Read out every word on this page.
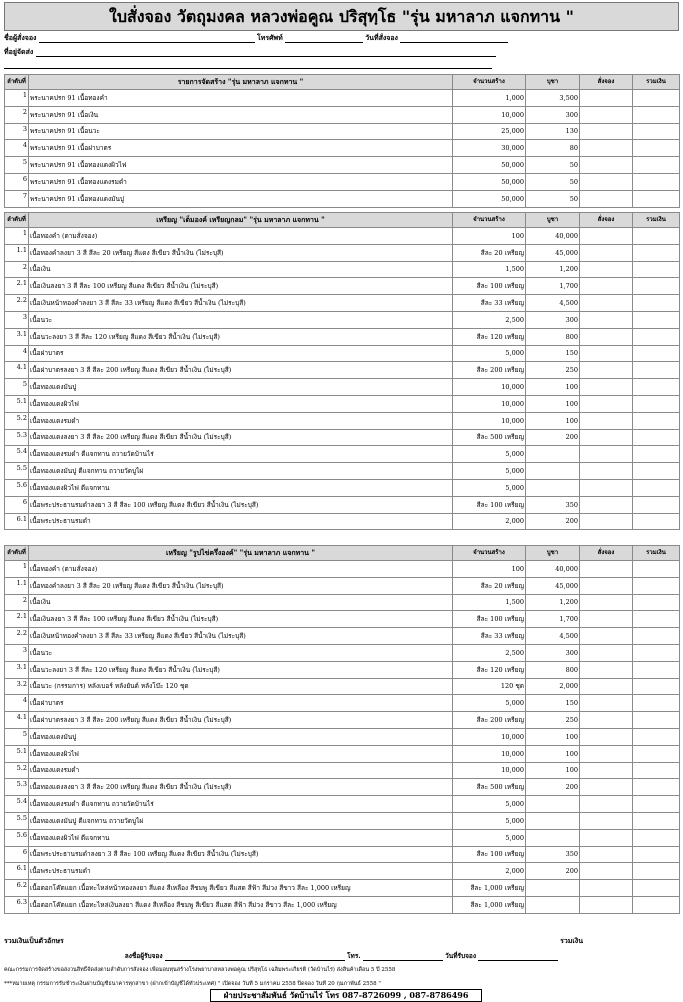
ใบสั่งจอง วัตถุมงคล หลวงพ่อคูณ ปริสุทฺโธ "รุ่น มหาลาภ แจกทาน "
ชื่อผู้สั่งจอง	โทรศัพท์	วันที่สั่งจอง
ที่อยู่จัดส่ง
ลำดับที่	รายการจัดสร้าง "รุ่น มหาลาภ แจกทาน "	จำนวนสร้าง	บุชา	สั่งจอง	รวมเงิน
1	พระนาคปรก 91 เนื้อทองคำ	1,000	3,500		
2	พระนาคปรก 91 เนื้อเงิน	10,000	300		
3	พระนาคปรก 91 เนื้อนวะ	25,000	130		
4	พระนาคปรก 91 เนื้อฝาบาตร	30,000	80		
5	พระนาคปรก 91 เนื้อทองแดงผิวไฟ	50,000	50		
6	พระนาคปรก 91 เนื้อทองแดงรมดำ	50,000	50		
7	พระนาคปรก 91 เนื้อทองแดงมันปู	50,000	50		
ลำดับที่	เหรียญ "เต็มองค์ เหรียญกลม" "รุ่น มหาลาภ แจกทาน "	จำนวนสร้าง	บูชา	สั่งจอง	รวมเงิน
1	เนื้อทองคำ (ตามสั่งจอง)	100	40,000		
1.1	เนื้อทองคำลงยา 3 สี สีละ 20 เหรียญ สีแดง สีเขียว สีน้ำเงิน (ไม่ระบุสี)	สีละ 20 เหรียญ	45,000		
2	เนื้อเงิน	1,500	1,200		
2.1	เนื้อเงินลงยา 3 สี สีละ 100 เหรียญ สีแดง สีเขียว สีน้ำเงิน (ไม่ระบุสี)	สีละ 100 เหรียญ	1,700		
2.2	เนื้อเงินหน้าทองคำลงยา 3 สี สีละ 33 เหรียญ สีแดง สีเขียว สีน้ำเงิน (ไม่ระบุสี)	สีละ 33 เหรียญ	4,500		
3	เนื้อนวะ	2,500	300		
3.1	เนื้อนวะลงยา 3 สี สีละ 120 เหรียญ สีแดง สีเขียว สีน้ำเงิน (ไม่ระบุสี)	สีละ 120 เหรียญ	800		
4	เนื้อฝาบาตร	5,000	150		
4.1	เนื้อฝาบาตรลงยา 3 สี สีละ 200 เหรียญ สีแดง สีเขียว สีน้ำเงิน (ไม่ระบุสี)	สีละ 200 เหรียญ	250		
5	เนื้อทองแดงมันปู	10,000	100		
5.1	เนื้อทองแดงผิวไฟ	10,000	100		
5.2	เนื้อทองแดงรมดำ	10,000	100		
5.3	เนื้อทองแดงลงยา 3 สี สีละ 200 เหรียญ สีแดง สีเขียว สีน้ำเงิน (ไม่ระบุสี)	สีละ 500 เหรียญ	200		
5.4	เนื้อทองแดงรมดำ ตีแจกทาน ถวายวัดบ้านไร่	5,000			
5.5	เนื้อทองแดงมันปู ตีแจกทาน ถวายวัดบูไผ่	5,000			
5.6	เนื้อทองแดงผิวไฟ ตีแจกทาน	5,000			
6	เนื้อพระประธานรมดำลงยา 3 สี สีละ 100 เหรียญ สีแดง สีเขียว สีน้ำเงิน (ไม่ระบุสี)	สีละ 100 เหรียญ	350		
6.1	เนื้อพระประธานรมดำ	2,000	200		
ลำดับที่	เหรียญ "รูปไข่ครึ่งองค์" "รุ่น มหาลาภ แจกทาน "	จำนวนสร้าง	บูชา	สั่งจอง	รวมเงิน
1	เนื้อทองคำ (ตามสั่งจอง)	100	40,000		
1.1	เนื้อทองคำลงยา 3 สี สีละ 20 เหรียญ สีแดง สีเขียว สีน้ำเงิน (ไม่ระบุสี)	สีละ 20 เหรียญ	45,000		
2	เนื้อเงิน	1,500	1,200		
2.1	เนื้อเงินลงยา 3 สี สีละ 100 เหรียญ สีแดง สีเขียว สีน้ำเงิน (ไม่ระบุสี)	สีละ 100 เหรียญ	1,700		
2.2	เนื้อเงินหน้าทองคำลงยา 3 สี สีละ 33 เหรียญ สีแดง สีเขียว สีน้ำเงิน (ไม่ระบุสี)	สีละ 33 เหรียญ	4,500		
3	เนื้อนวะ	2,500	300		
3.1	เนื้อนวะลงยา 3 สี สีละ 120 เหรียญ สีแดง สีเขียว สีน้ำเงิน (ไม่ระบุสี)	สีละ 120 เหรียญ	800		
3.2	เนื้อนวะ (กรรมการ) หลังเบอร์ หลังยันต์ หลังโบ๊ะ 120 ชุด	120 ชุด	2,000		
4	เนื้อฝาบาตร	5,000	150		
4.1	เนื้อฝาบาตรลงยา 3 สี สีละ 200 เหรียญ สีแดง สีเขียว สีน้ำเงิน (ไม่ระบุสี)	สีละ 200 เหรียญ	250		
5	เนื้อทองแดงมันปู	10,000	100		
5.1	เนื้อทองแดงผิวไฟ	10,000	100		
5.2	เนื้อทองแดงรมดำ	10,000	100		
5.3	เนื้อทองแดงลงยา 3 สี สีละ 200 เหรียญ สีแดง สีเขียว สีน้ำเงิน (ไม่ระบุสี)	สีละ 500 เหรียญ	200		
5.4	เนื้อทองแดงรมดำ ตีแจกทาน ถวายวัดบ้านไร่	5,000			
5.5	เนื้อทองแดงมันปู ตีแจกทาน ถวายวัดบูไผ่	5,000			
5.6	เนื้อทองแดงผิวไฟ ตีแจกทาน	5,000			
6	เนื้อพระประธานรมดำลงยา 3 สี สีละ 100 เหรียญ สีแดง สีเขียว สีน้ำเงิน (ไม่ระบุสี)	สีละ 100 เหรียญ	350		
6.1	เนื้อพระประธานรมดำ	2,000	200		
6.2	เนื้อตอกโค๊ตแยก เนื้อทะไหล่หน้าทองลงยา สีแดง สีเหลือง สีชมพู สีเขียว สีแสด สีฟ้า สีม่วง สีขาว สีละ 1,000 เหรียญ	สีละ 1,000 เหรียญ			
6.3	เนื้อตอกโค๊ตแยก เนื้อทะไหล่เงินลงยา สีแดง สีเหลือง สีชมพู สีเขียว สีแสด สีฟ้า สีม่วง สีขาว สีละ 1,000 เหรียญ	สีละ 1,000 เหรียญ			
รวมเงินเป็นตัวอักษร	รวมเงิน
ลงชื่อผู้รับจอง	โทร.	วันที่รับจอง
คณะกรรมการจัดสร้างขอสงวนสิทธิ์จัดส่งตามลำดับการสั่งจอง เพื่อมอบทุนสร้างโรงพยาบาลหลวงพ่อคูณ ปริสุทฺโธ เฉลิมพระเกียรติ (วัดบ้านไร่) ส่งสินค้าเดือน 5 ปี 2558
***หมายเหตุ กรรมการรับชำระเงินผ่านบัญชีธนาคารทุกสาขา (ฝากเข้าบัญชีได้ทั่วประเทศ) " เปิดจอง วันที่ 5 มกราคม 2558 ปิดจอง วันที่ 20 กุมภาพันธ์ 2558 "
ฝ่ายประชาสัมพันธ์ วัดบ้านไร่ โทร 087-8726099 , 087-8786496
